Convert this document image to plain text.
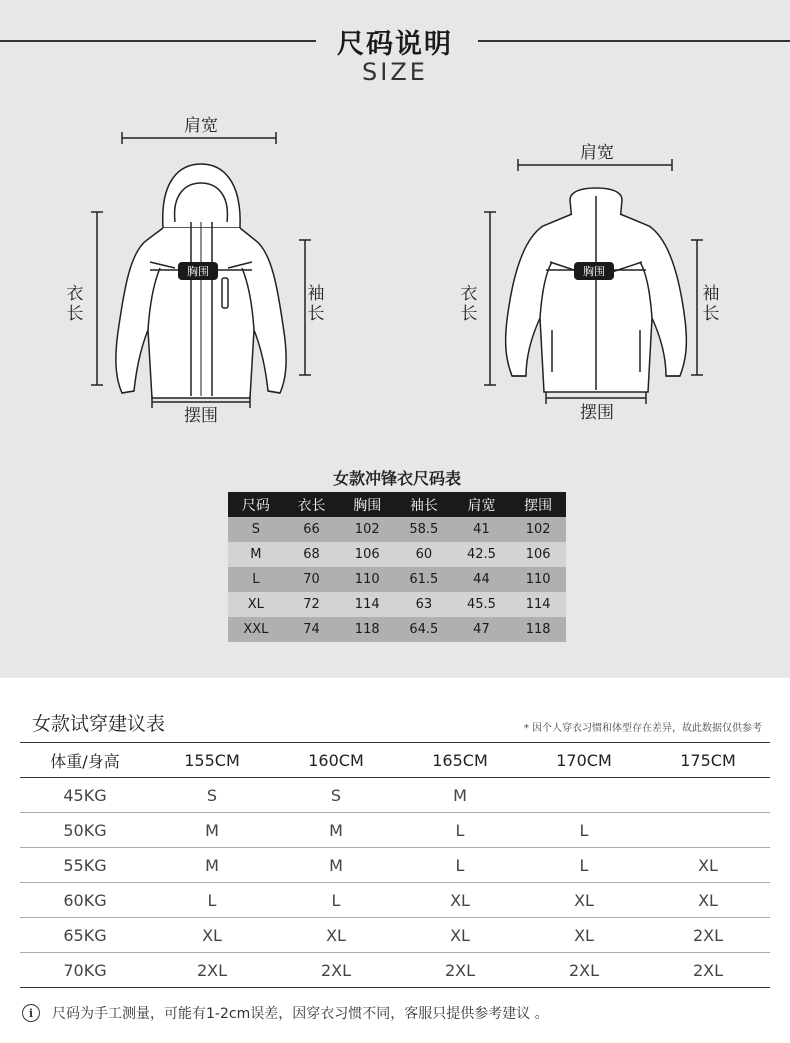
尺码说明
SIZE
胸围	胸围
肩宽
衣
长
袖
长
摆围
肩宽
衣
长
袖
长
摆围
女款冲锋衣尺码表
尺码	衣长	胸围	袖长	肩宽	摆围
S	66	102	58.5	41	102
M	68	106	60	42.5	106
L	70	110	61.5	44	110
XL	72	114	63	45.5	114
XXL	74	118	64.5	47	118
女款试穿建议表	* 因个人穿衣习惯和体型存在差异，故此数据仅供参考
体重/身高	155CM	160CM	165CM	170CM	175CM
45KG	S	S	M		
50KG	M	M	L	L	
55KG	M	M	L	L	XL
60KG	L	L	XL	XL	XL
65KG	XL	XL	XL	XL	2XL
70KG	2XL	2XL	2XL	2XL	2XL
i	尺码为手工测量，可能有1-2cm误差，因穿衣习惯不同，客服只提供参考建议 。
